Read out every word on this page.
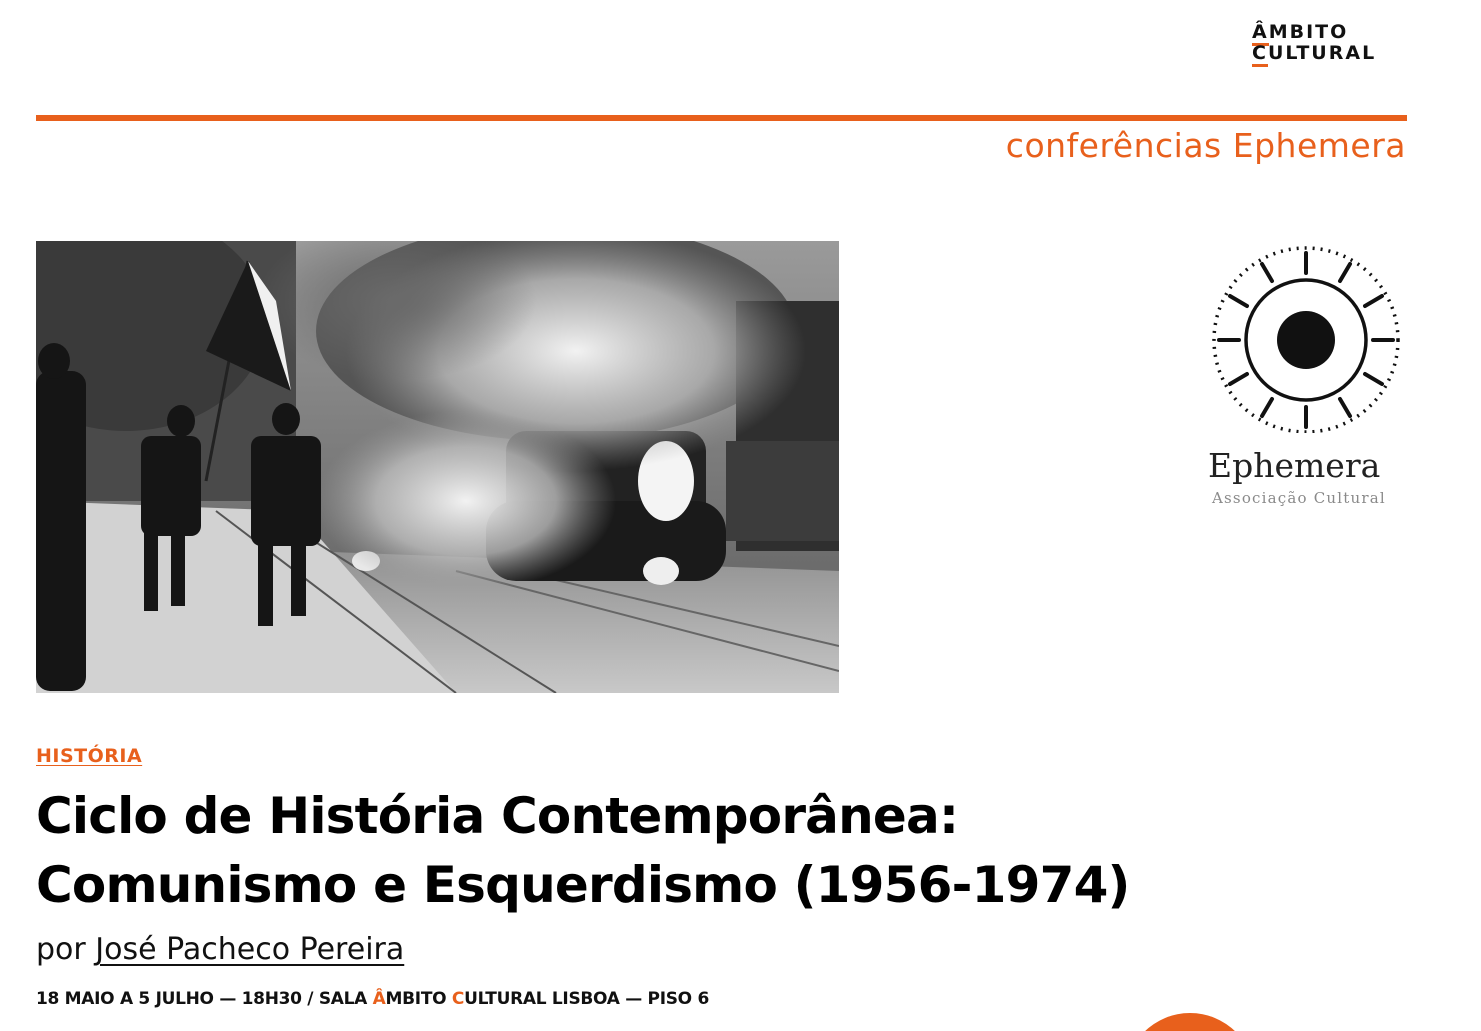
ÂMBITO
CULTURAL
conferências Ephemera
Ephemera
Associação Cultural
HISTÓRIA
Ciclo de História Contemporânea:
Comunismo e Esquerdismo (1956-1974)
por José Pacheco Pereira
18 MAIO A 5 JULHO — 18H30 / SALA ÂMBITO CULTURAL LISBOA — PISO 6
